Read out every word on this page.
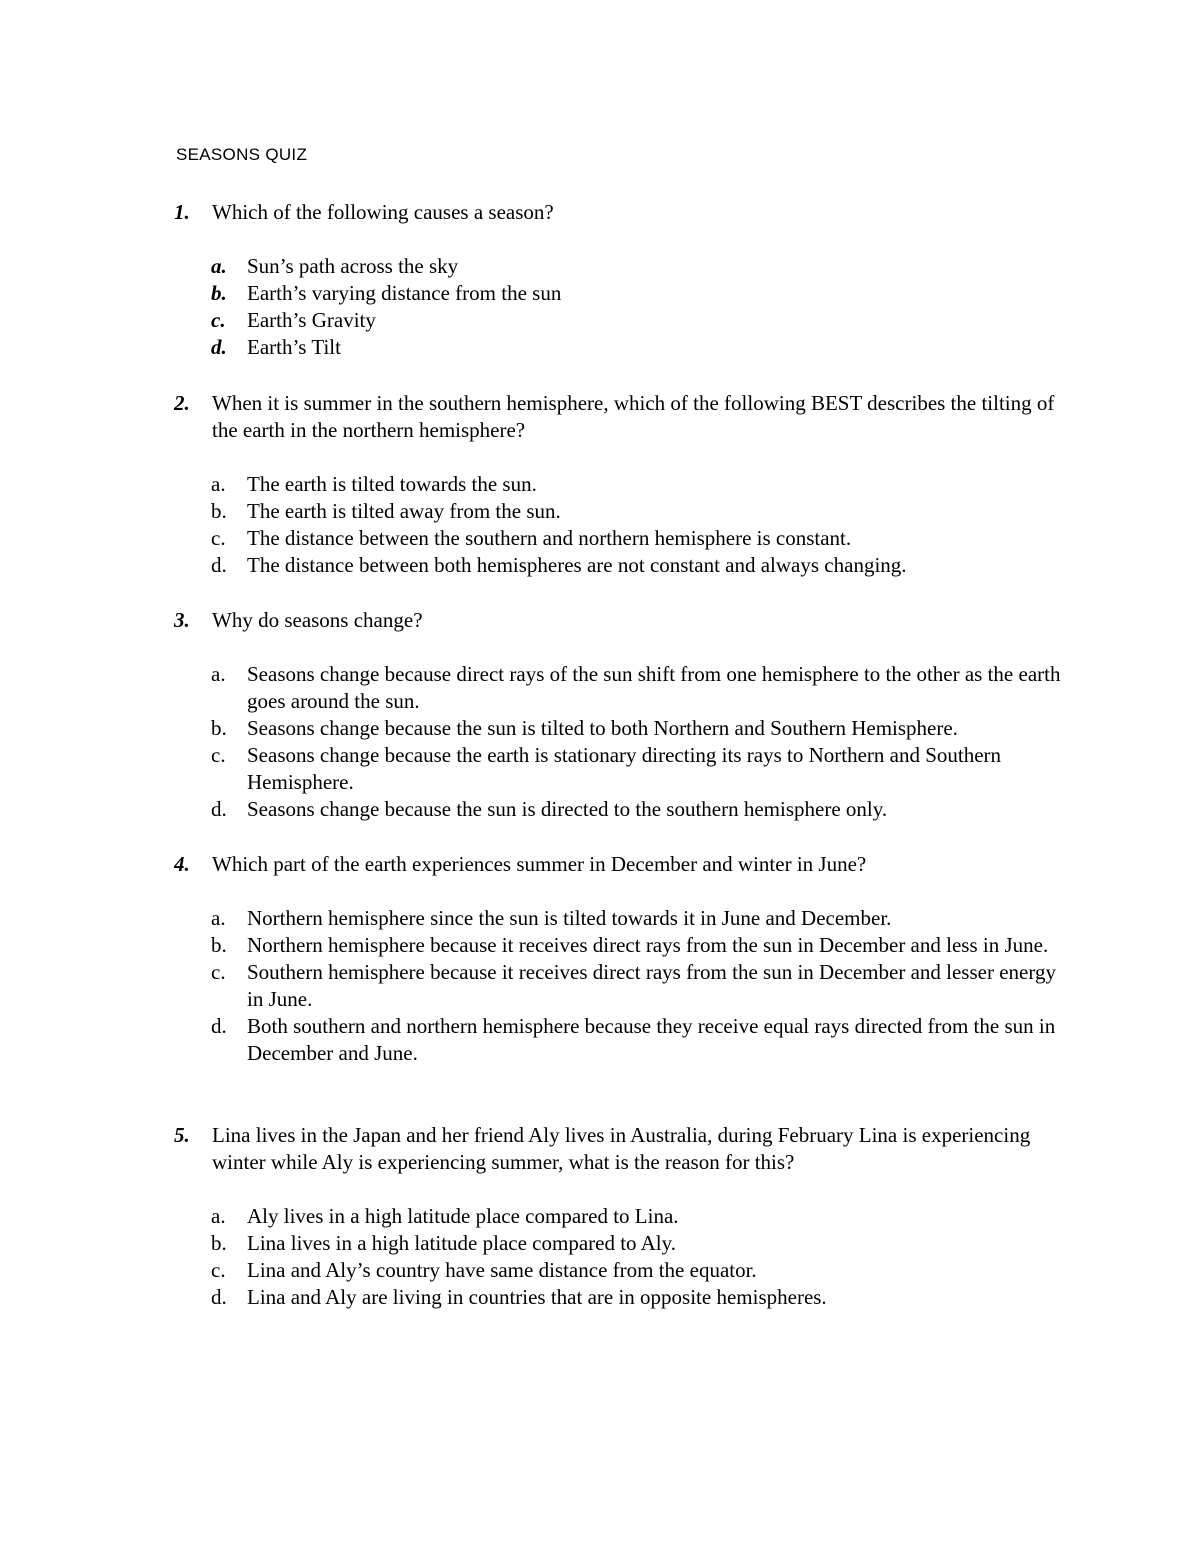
SEASONS QUIZ
1.	Which of the following causes a season?
a. Sun’s path across the sky
b. Earth’s varying distance from the sun
c.	Earth’s Gravity
d. Earth’s Tilt
2.	When it is summer in the southern hemisphere, which of the following BEST describes the tilting of the earth in the northern hemisphere?
a.	The earth is tilted towards the sun.
b. The earth is tilted away from the sun.
c.	The distance between the southern and northern hemisphere is constant.
d. The distance between both hemispheres are not constant and always changing.
3.	Why do seasons change?
a.	Seasons change because direct rays of the sun shift from one hemisphere to the other as the earth goes around the sun.
b. Seasons change because the sun is tilted to both Northern and Southern Hemisphere.
c.	Seasons change because the earth is stationary directing its rays to Northern and Southern Hemisphere.
d. Seasons change because the sun is directed to the southern hemisphere only.
4.	Which part of the earth experiences summer in December and winter in June?
a.	Northern hemisphere since the sun is tilted towards it in June and December.
b. Northern hemisphere because it receives direct rays from the sun in December and less in June.
c.	Southern hemisphere because it receives direct rays from the sun in December and lesser energy in June.
d. Both southern and northern hemisphere because they receive equal rays directed from the sun in December and June.
5.	Lina lives in the Japan and her friend Aly lives in Australia, during February Lina is experiencing winter while Aly is experiencing summer, what is the reason for this?
a.	Aly lives in a high latitude place compared to Lina.
b. Lina lives in a high latitude place compared to Aly.
c.	Lina and Aly’s country have same distance from the equator.
d. Lina and Aly are living in countries that are in opposite hemispheres.
